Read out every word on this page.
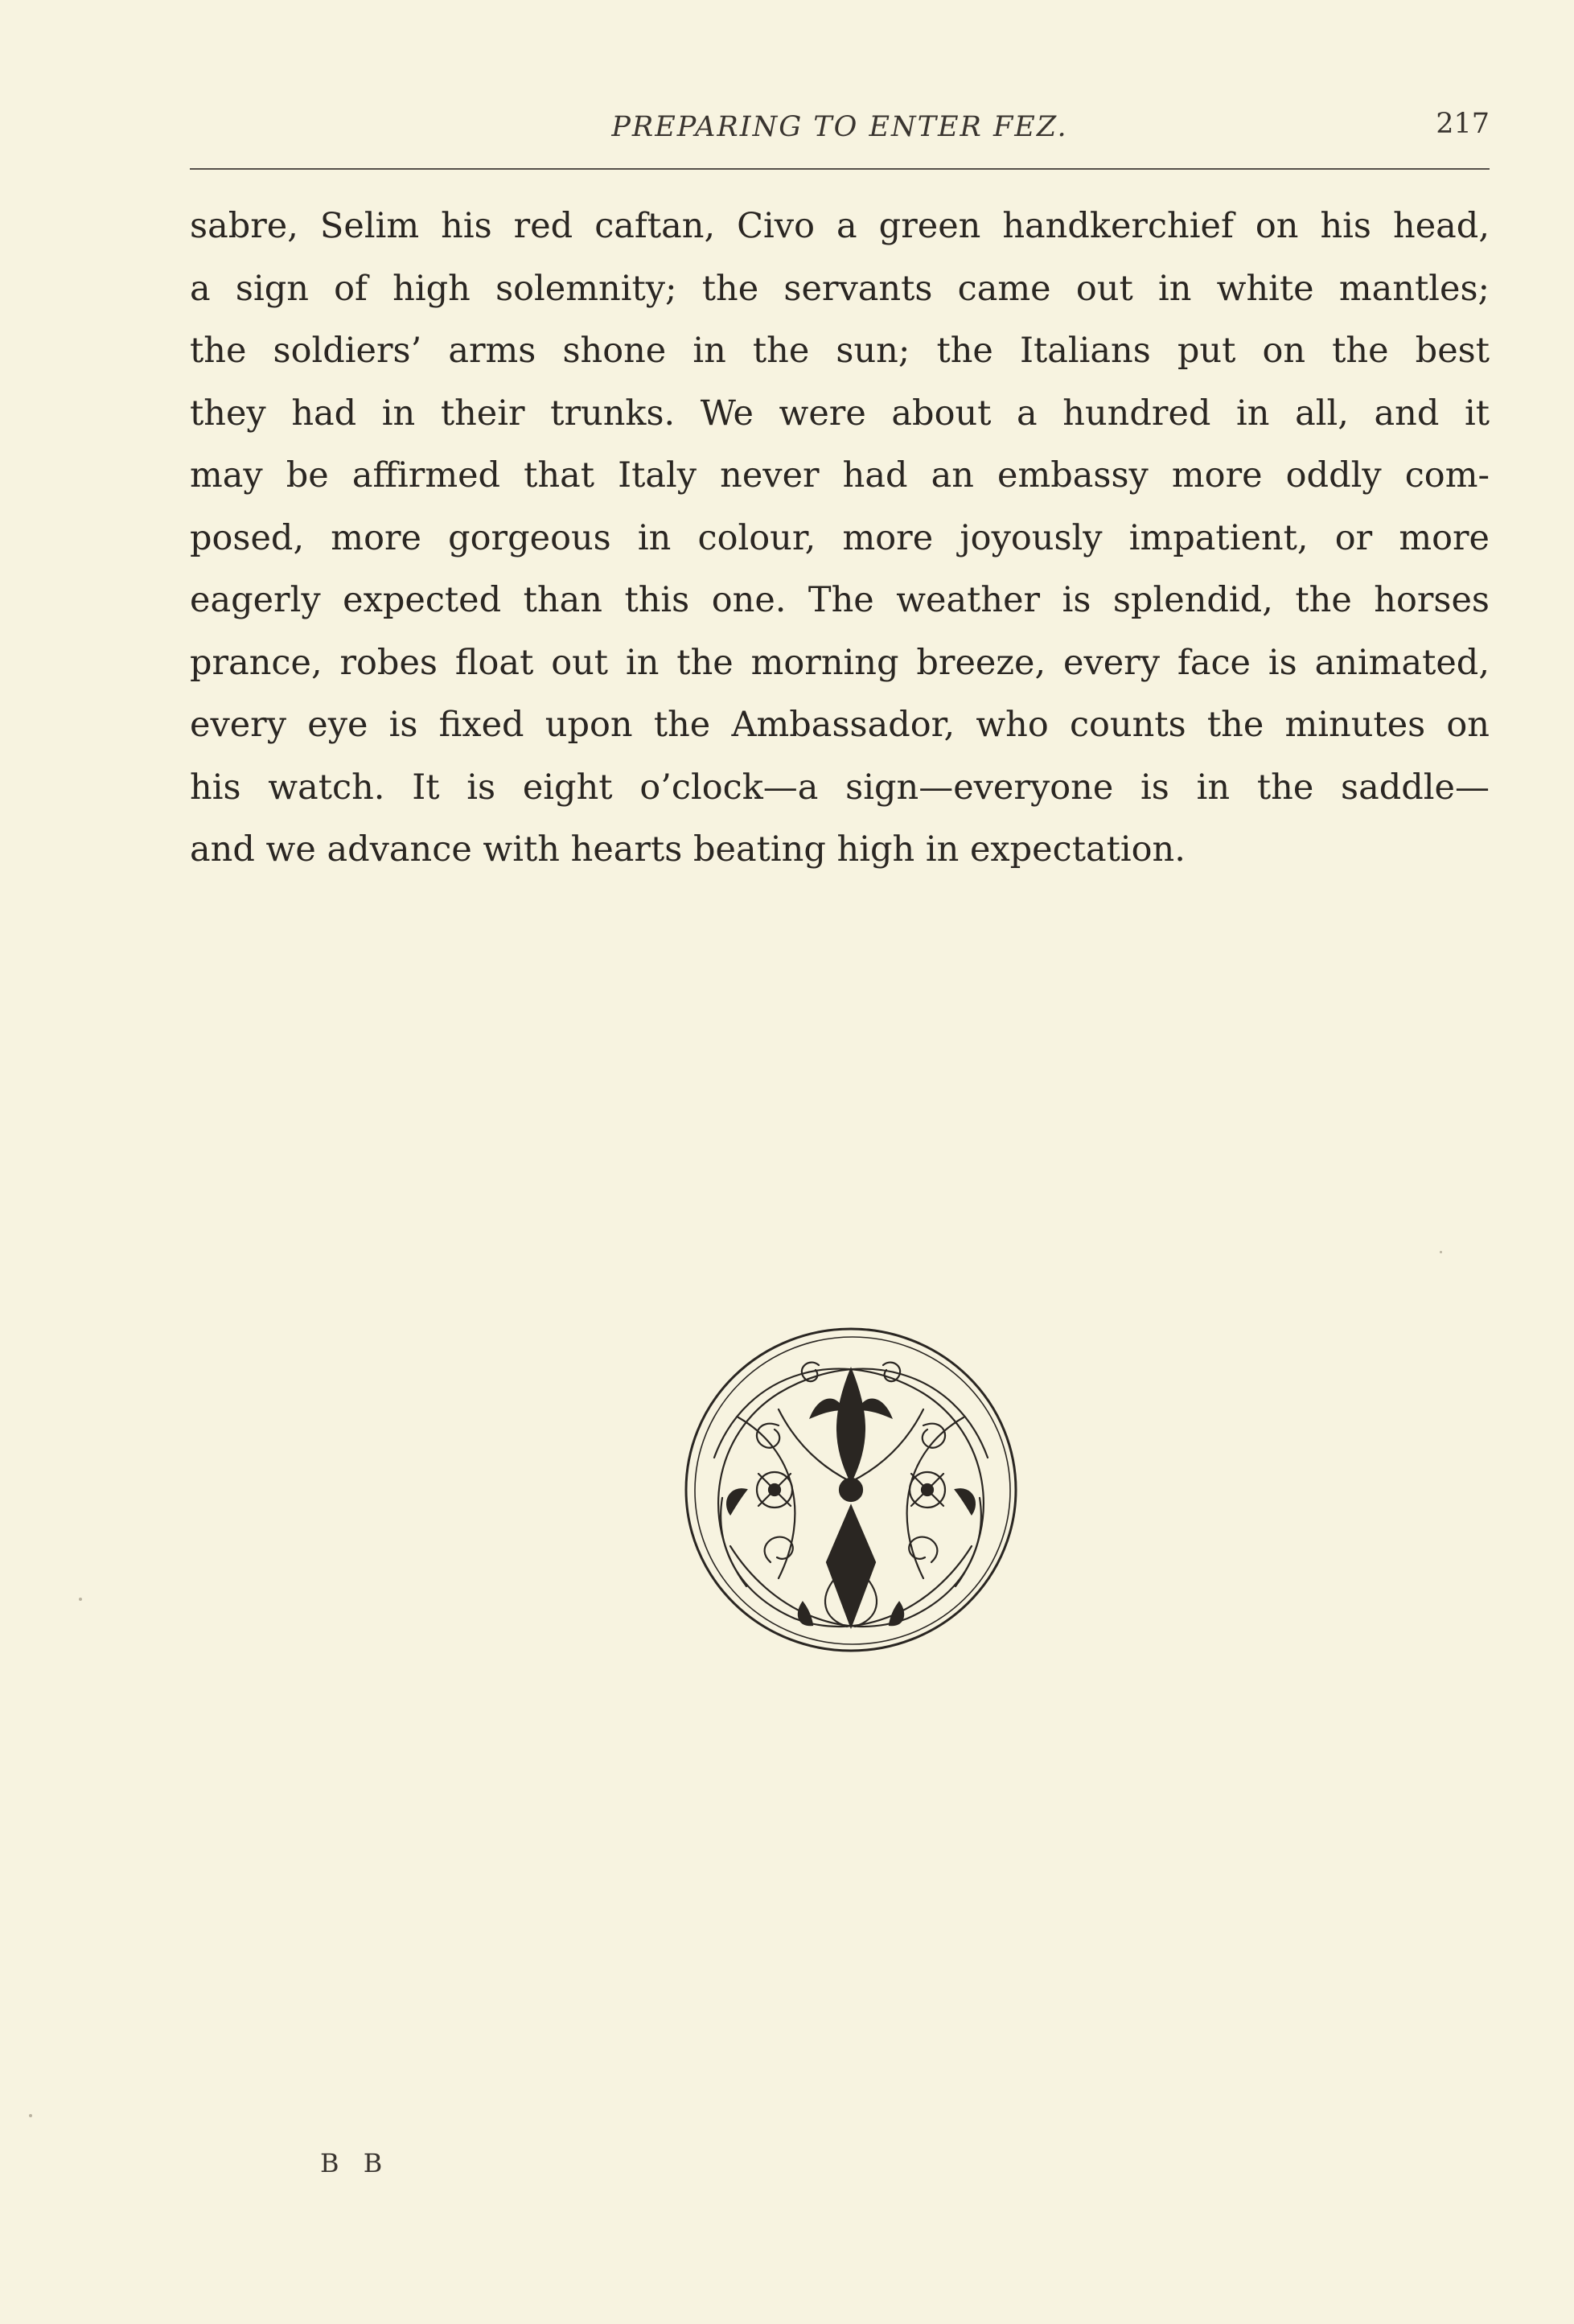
PREPARING TO ENTER FEZ.	217
sabre, Selim his red caftan, Civo a green handkerchief on his head,
a sign of high solemnity; the servants came out in white mantles;
the soldiers’ arms shone in the sun; the Italians put on the best
they had in their trunks. We were about a hundred in all, and it
may be affirmed that Italy never had an embassy more oddly com-
posed, more gorgeous in colour, more joyously impatient, or more
eagerly expected than this one. The weather is splendid, the horses
prance, robes float out in the morning breeze, every face is animated,
every eye is fixed upon the Ambassador, who counts the minutes on
his watch. It is eight o’clock—a sign—everyone is in the saddle—
and we advance with hearts beating high in expectation.
B B
